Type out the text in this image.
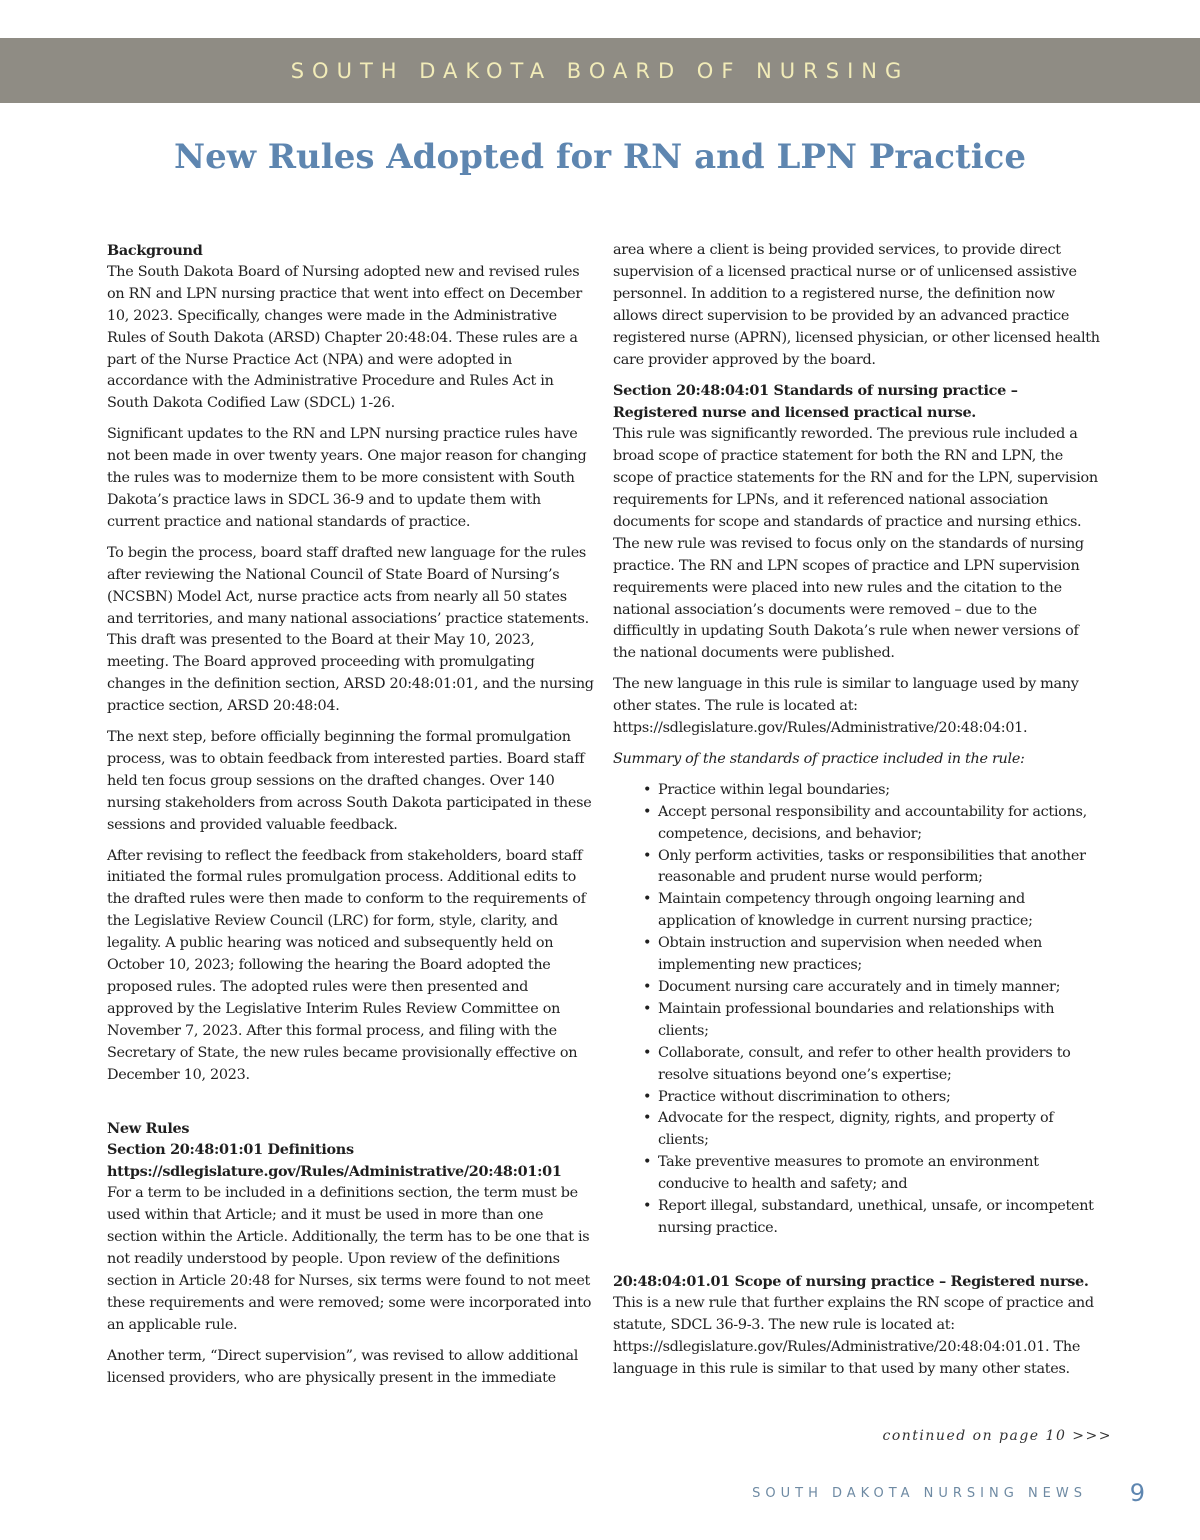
SOUTH DAKOTA BOARD OF NURSING
New Rules Adopted for RN and LPN Practice
Background

The South Dakota Board of Nursing adopted new and revised rules on RN and LPN nursing practice that went into effect on December 10, 2023. Specifically, changes were made in the Administrative Rules of South Dakota (ARSD) Chapter 20:48:04. These rules are a part of the Nurse Practice Act (NPA) and were adopted in accordance with the Administrative Procedure and Rules Act in South Dakota Codified Law (SDCL) 1-26.

Significant updates to the RN and LPN nursing practice rules have not been made in over twenty years. One major reason for changing the rules was to modernize them to be more consistent with South Dakota’s practice laws in SDCL 36-9 and to update them with current practice and national standards of practice.

To begin the process, board staff drafted new language for the rules after reviewing the National Council of State Board of Nursing’s (NCSBN) Model Act, nurse practice acts from nearly all 50 states and territories, and many national associations’ practice statements. This draft was presented to the Board at their May 10, 2023, meeting. The Board approved proceeding with promulgating changes in the definition section, ARSD 20:48:01:01, and the nursing practice section, ARSD 20:48:04.

The next step, before officially beginning the formal promulgation process, was to obtain feedback from interested parties. Board staff held ten focus group sessions on the drafted changes. Over 140 nursing stakeholders from across South Dakota participated in these sessions and provided valuable feedback.

After revising to reflect the feedback from stakeholders, board staff initiated the formal rules promulgation process. Additional edits to the drafted rules were then made to conform to the requirements of the Legislative Review Council (LRC) for form, style, clarity, and legality. A public hearing was noticed and subsequently held on October 10, 2023; following the hearing the Board adopted the proposed rules. The adopted rules were then presented and approved by the Legislative Interim Rules Review Committee on November 7, 2023. After this formal process, and filing with the Secretary of State, the new rules became provisionally effective on December 10, 2023.

New Rules
Section 20:48:01:01 Definitions https://sdlegislature.gov/Rules/Administrative/20:48:01:01

For a term to be included in a definitions section, the term must be used within that Article; and it must be used in more than one section within the Article. Additionally, the term has to be one that is not readily understood by people. Upon review of the definitions section in Article 20:48 for Nurses, six terms were found to not meet these requirements and were removed; some were incorporated into an applicable rule.

Another term, “Direct supervision”, was revised to allow additional licensed providers, who are physically present in the immediate

area where a client is being provided services, to provide direct supervision of a licensed practical nurse or of unlicensed assistive personnel. In addition to a registered nurse, the definition now allows direct supervision to be provided by an advanced practice registered nurse (APRN), licensed physician, or other licensed health care provider approved by the board.

Section 20:48:04:01 Standards of nursing practice – Registered nurse and licensed practical nurse.

This rule was significantly reworded. The previous rule included a broad scope of practice statement for both the RN and LPN, the scope of practice statements for the RN and for the LPN, supervision requirements for LPNs, and it referenced national association documents for scope and standards of practice and nursing ethics. The new rule was revised to focus only on the standards of nursing practice. The RN and LPN scopes of practice and LPN supervision requirements were placed into new rules and the citation to the national association’s documents were removed – due to the difficultly in updating South Dakota’s rule when newer versions of the national documents were published.

The new language in this rule is similar to language used by many other states. The rule is located at: https://sdlegislature.gov/Rules/Administrative/20:48:04:01.

Summary of the standards of practice included in the rule:

• Practice within legal boundaries;
• Accept personal responsibility and accountability for actions, competence, decisions, and behavior;
• Only perform activities, tasks or responsibilities that another reasonable and prudent nurse would perform;
• Maintain competency through ongoing learning and application of knowledge in current nursing practice;
• Obtain instruction and supervision when needed when implementing new practices;
• Document nursing care accurately and in timely manner;
• Maintain professional boundaries and relationships with clients;
• Collaborate, consult, and refer to other health providers to resolve situations beyond one’s expertise;
• Practice without discrimination to others;
• Advocate for the respect, dignity, rights, and property of clients;
• Take preventive measures to promote an environment conducive to health and safety; and
• Report illegal, substandard, unethical, unsafe, or incompetent nursing practice.
20:48:04:01.01 Scope of nursing practice – Registered nurse.

This is a new rule that further explains the RN scope of practice and statute, SDCL 36-9-3. The new rule is located at: https://sdlegislature.gov/Rules/Administrative/20:48:04:01.01. The language in this rule is similar to that used by many other states.

continued on page 10 >>>
SOUTH DAKOTA NURSING NEWS 9
